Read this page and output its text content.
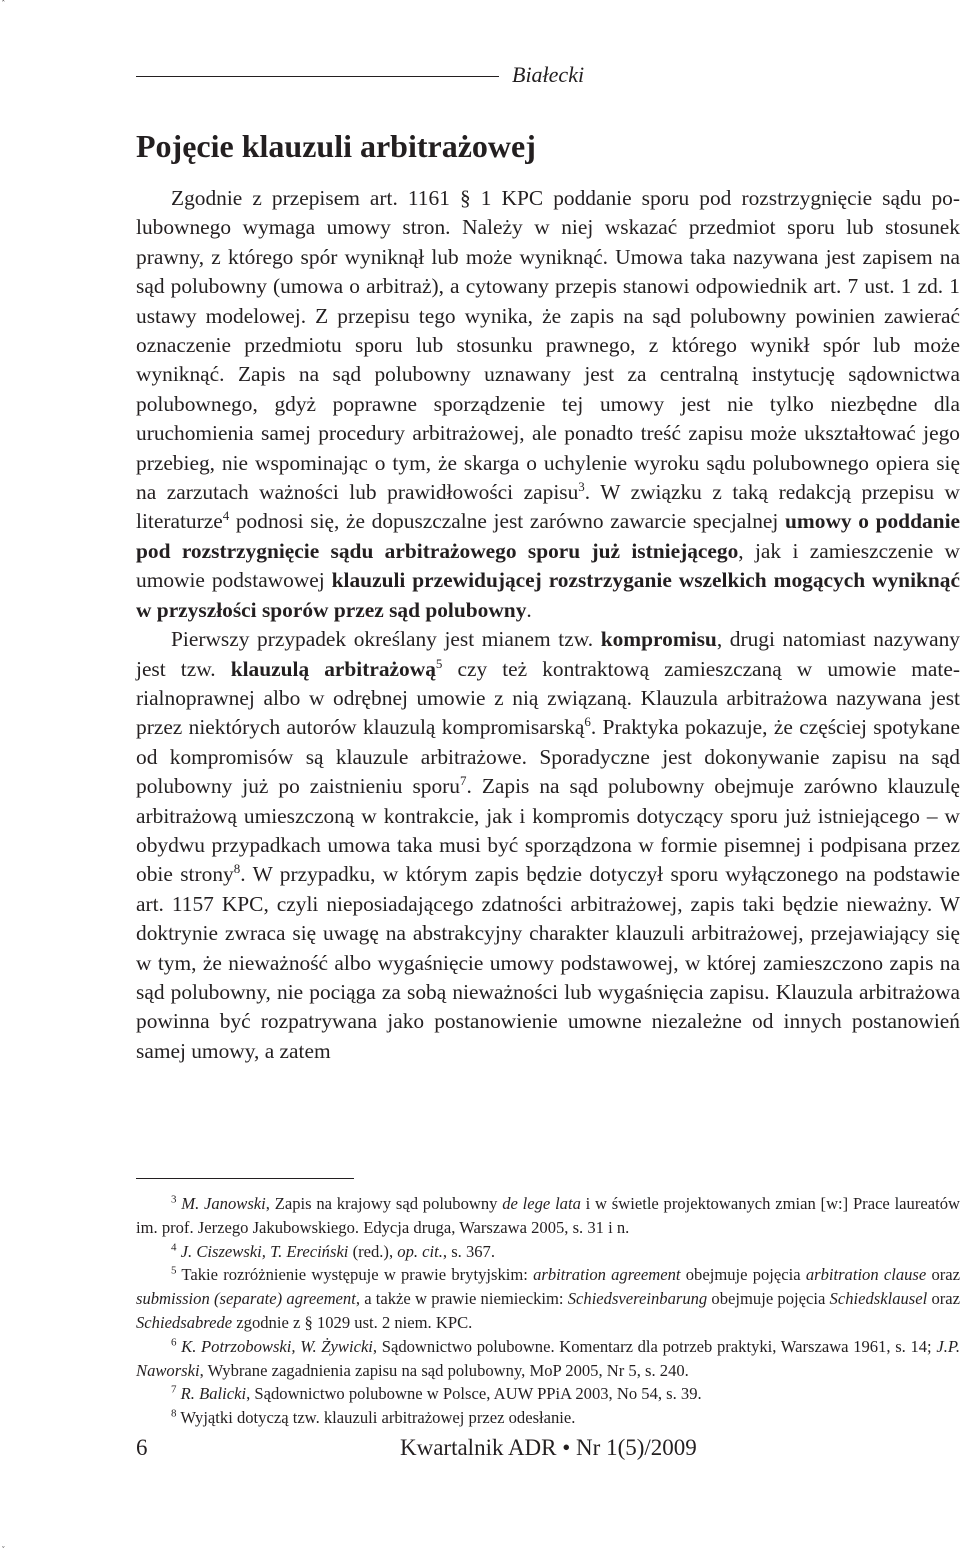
ˆ
Białecki
Pojęcie klauzuli arbitrażowej

Zgodnie z przepisem art. 1161 § 1 KPC poddanie sporu pod rozstrzygnięcie sądu polubownego wymaga umowy stron. Należy w niej wskazać przedmiot sporu lub stosunek prawny, z którego spór wyniknął lub może wyniknąć. Umowa taka nazywana jest zapisem na sąd polubowny (umowa o arbitraż), a cytowany przepis stanowi odpowiednik art. 7 ust. 1 zd. 1 ustawy modelowej. Z przepisu tego wynika, że zapis na sąd polubowny powinien zawierać oznaczenie przedmiotu sporu lub stosunku prawnego, z którego wynikł spór lub może wyniknąć. Zapis na sąd polubowny uznawany jest za centralną instytucję sądownictwa polubownego, gdyż poprawne sporządzenie tej umowy jest nie tylko niezbędne dla uruchomienia samej procedury arbitrażowej, ale ponadto treść zapisu może ukształtować jego przebieg, nie wspominając o tym, że skarga o uchylenie wyroku sądu polubownego opiera się na zarzutach ważności lub prawidłowości zapisu$^3$. W związku z taką redakcją przepisu w literaturze$^4$ podnosi się, że dopuszczalne jest zarówno zawarcie specjalnej umowy o poddanie pod rozstrzygnięcie sądu arbitrażowego sporu już istniejącego, jak i zamieszczenie w umowie podstawowej klauzuli przewidującej rozstrzyganie wszelkich mogących wyniknąć w przyszłości sporów przez sąd polubowny.

Pierwszy przypadek określany jest mianem tzw. kompromisu, drugi natomiast nazywany jest tzw. klauzulą arbitrażową$^5$ czy też kontraktową zamieszczaną w umowie materialnoprawnej albo w odrębnej umowie z nią związaną. Klauzula arbitrażowa nazywana jest przez niektórych autorów klauzulą kompromisarską$^6$. Praktyka pokazuje, że częściej spotykane od kompromisów są klauzule arbitrażowe. Sporadyczne jest dokonywanie zapisu na sąd polubowny już po zaistnieniu sporu$^7$. Zapis na sąd polubowny obejmuje zarówno klauzulę arbitrażową umieszczoną w kontrakcie, jak i kompromis dotyczący sporu już istniejącego – w obydwu przypadkach umowa taka musi być sporządzona w formie pisemnej i podpisana przez obie strony$^8$. W przypadku, w którym zapis będzie dotyczył sporu wyłączonego na podstawie art. 1157 KPC, czyli nieposiadającego zdatności arbitrażowej, zapis taki będzie nieważny. W doktrynie zwraca się uwagę na abstrakcyjny charakter klauzuli arbitrażowej, przejawiający się w tym, że nieważność albo wygaśnięcie umowy podstawowej, w której zamieszczono zapis na sąd polubowny, nie pociąga za sobą nieważności lub wygaśnięcia zapisu. Klauzula arbitrażowa powinna być rozpatrywana jako postanowienie umowne niezależne od innych postanowień samej umowy, a zatem

$^3$ M. Janowski, Zapis na krajowy sąd polubowny de lege lata i w świetle projektowanych zmian [w:] Prace laureatów im. prof. Jerzego Jakubowskiego. Edycja druga, Warszawa 2005, s. 31 i n.

$^4$ J. Ciszewski, T. Ereciński (red.), op. cit., s. 367.

$^5$ Takie rozróżnienie występuje w prawie brytyjskim: arbitration agreement obejmuje pojęcia arbitration clause oraz submission (separate) agreement, a także w prawie niemieckim: Schiedsvereinbarung obejmuje pojęcia Schiedsklausel oraz Schiedsabrede zgodnie z § 1029 ust. 2 niem. KPC.

$^6$ K. Potrzobowski, W. Żywicki, Sądownictwo polubowne. Komentarz dla potrzeb praktyki, Warszawa 1961, s. 14; J.P. Naworski, Wybrane zagadnienia zapisu na sąd polubowny, MoP 2005, Nr 5, s. 240.

$^7$ R. Balicki, Sądownictwo polubowne w Polsce, AUW PPiA 2003, No 54, s. 39.

$^8$ Wyjątki dotyczą tzw. klauzuli arbitrażowej przez odesłanie.

6	Kwartalnik ADR • Nr 1(5)/2009
ˇ
